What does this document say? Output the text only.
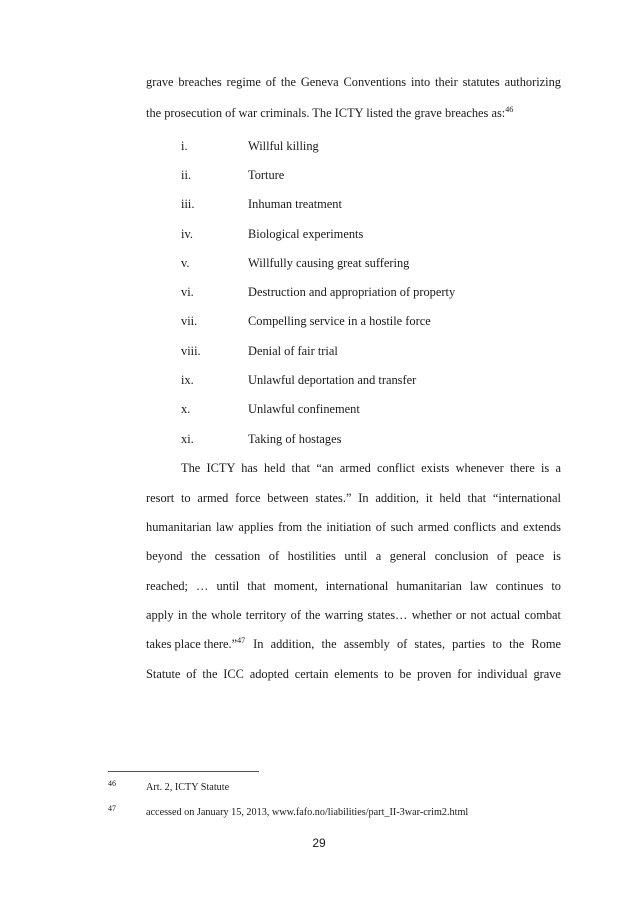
grave breaches regime of the Geneva Conventions into their statutes authorizing
the prosecution of war criminals. The ICTY listed the grave breaches as:$^{46}$
i.	Willful killing
ii.	Torture
iii.	Inhuman treatment
iv.	Biological experiments
v.	Willfully causing great suffering
vi.	Destruction and appropriation of property
vii.	Compelling service in a hostile force
viii.	Denial of fair trial
ix.	Unlawful deportation and transfer
x.	Unlawful confinement
xi.	Taking of hostages
The ICTY has held that “an armed conflict exists whenever there is a
resort to armed force between states.” In addition, it held that “international
humanitarian law applies from the initiation of such armed conflicts and extends
beyond the cessation of hostilities until a general conclusion of peace is
reached; … until that moment, international humanitarian law continues to
apply in the whole territory of the warring states… whether or not actual combat
takes place there.”$^{47}$ In addition, the assembly of states, parties to the Rome
Statute of the ICC adopted certain elements to be proven for individual grave
46	Art. 2, ICTY Statute
47	accessed on January 15, 2013, www.fafo.no/liabilities/part_II-3war-crim2.html
29
